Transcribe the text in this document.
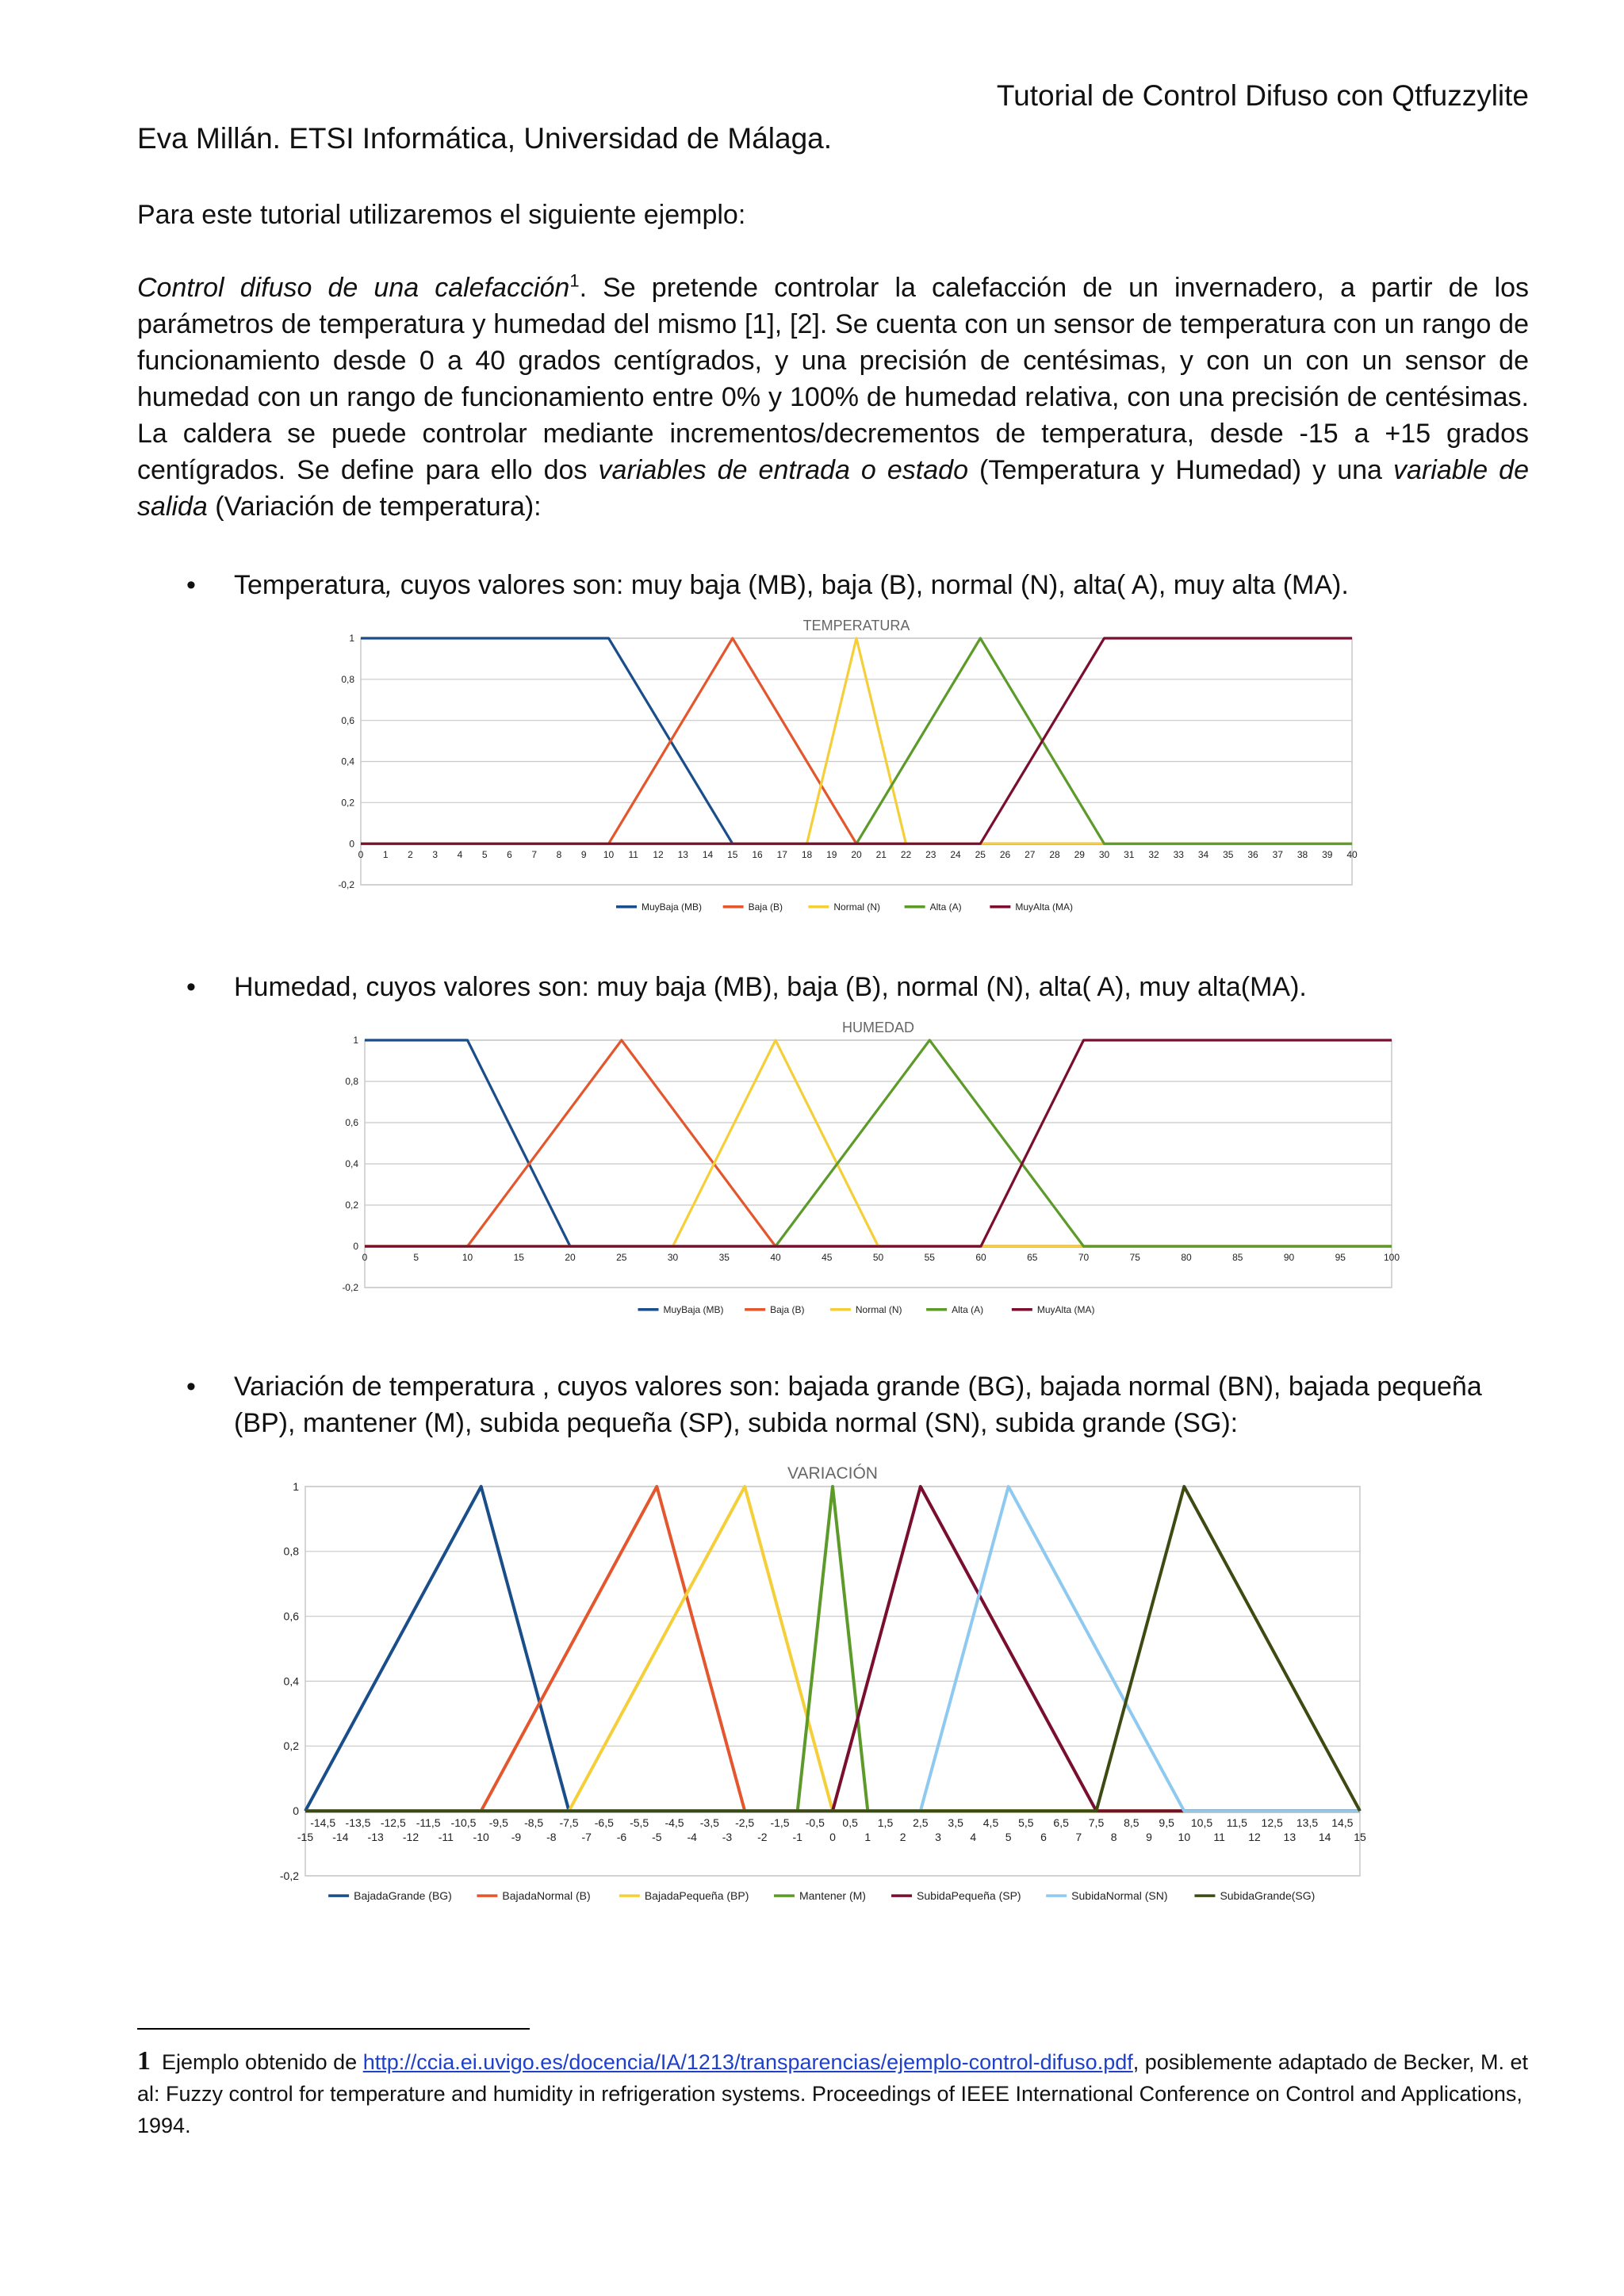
Tutorial de Control Difuso con Qtfuzzylite
Eva Millán. ETSI Informática, Universidad de Málaga.
Para este tutorial utilizaremos el siguiente ejemplo:
Control difuso de una calefacción$^1$. Se pretende controlar la calefacción de un invernadero, a partir de los parámetros de temperatura y humedad del mismo [1], [2]. Se cuenta con un sensor de temperatura con un rango de funcionamiento desde 0 a 40 grados centígrados, y una precisión de centésimas, y con un con un sensor de humedad con un rango de funcionamiento entre 0% y 100% de humedad relativa, con una precisión de centésimas. La caldera se puede controlar mediante incrementos/decrementos de temperatura, desde -15 a +15 grados centígrados. Se define para ello dos variables de entrada o estado (Temperatura y Humedad) y una variable de salida (Variación de temperatura):
• Temperatura, cuyos valores son: muy baja (MB), baja (B), normal (N), alta( A), muy alta (MA).
1
0,8
0,6
0,4
0,2
0
-0,2
0 1 2 3 4 5 6 7 8 9 10 11 12 13 14 15 16 17 18 19 20 21 22 23 24 25 26 27 28 29 30 31 32 33 34 35 36 37 38 39 40
TEMPERATURA
MuyBaja (MB)	Baja (B)	Normal (N)	Alta (A)	MuyAlta (MA)
• Humedad, cuyos valores son: muy baja (MB), baja (B), normal (N), alta( A), muy alta(MA).
1
0,8
0,6
0,4
0,2
0
-0,2
0	5	10	15	20	25	30	35	40	45	50	55	60	65	70	75	80	85	90	95	100
HUMEDAD
MuyBaja (MB)	Baja (B)	Normal (N)	Alta (A)	MuyAlta (MA)
• Variación de temperatura , cuyos valores son: bajada grande (BG), bajada normal (BN), bajada pequeña (BP), mantener (M), subida pequeña (SP), subida normal (SN), subida grande (SG):
1
0,8
0,6
0,4
0,2
0
-0,2
-14,5 -13,5 -12,5 -11,5 -10,5 -9,5 -8,5 -7,5 -6,5 -5,5 -4,5 -3,5 -2,5 -1,5 -0,5 0,5 1,5 2,5 3,5 4,5 5,5 6,5 7,5 8,5 9,5 10,5 11,5 12,5 13,5 14,5
-15 -14 -13 -12 -11 -10 -9 -8 -7 -6 -5 -4 -3 -2 -1 0	1	2	3	4	5	6	7	8	9 10 11 12 13 14 15
VARIACIÓN
BajadaGrande (BG)	BajadaNormal (B)	BajadaPequeña (BP)	Mantener (M)	SubidaPequeña (SP)	SubidaNormal (SN)	SubidaGrande(SG)
1 Ejemplo obtenido de http://ccia.ei.uvigo.es/docencia/IA/1213/transparencias/ejemplo-control-difuso.pdf, posiblemente adaptado de Becker, M. et al: Fuzzy control for temperature and humidity in refrigeration systems. Proceedings of IEEE International Conference on Control and Applications, 1994.
